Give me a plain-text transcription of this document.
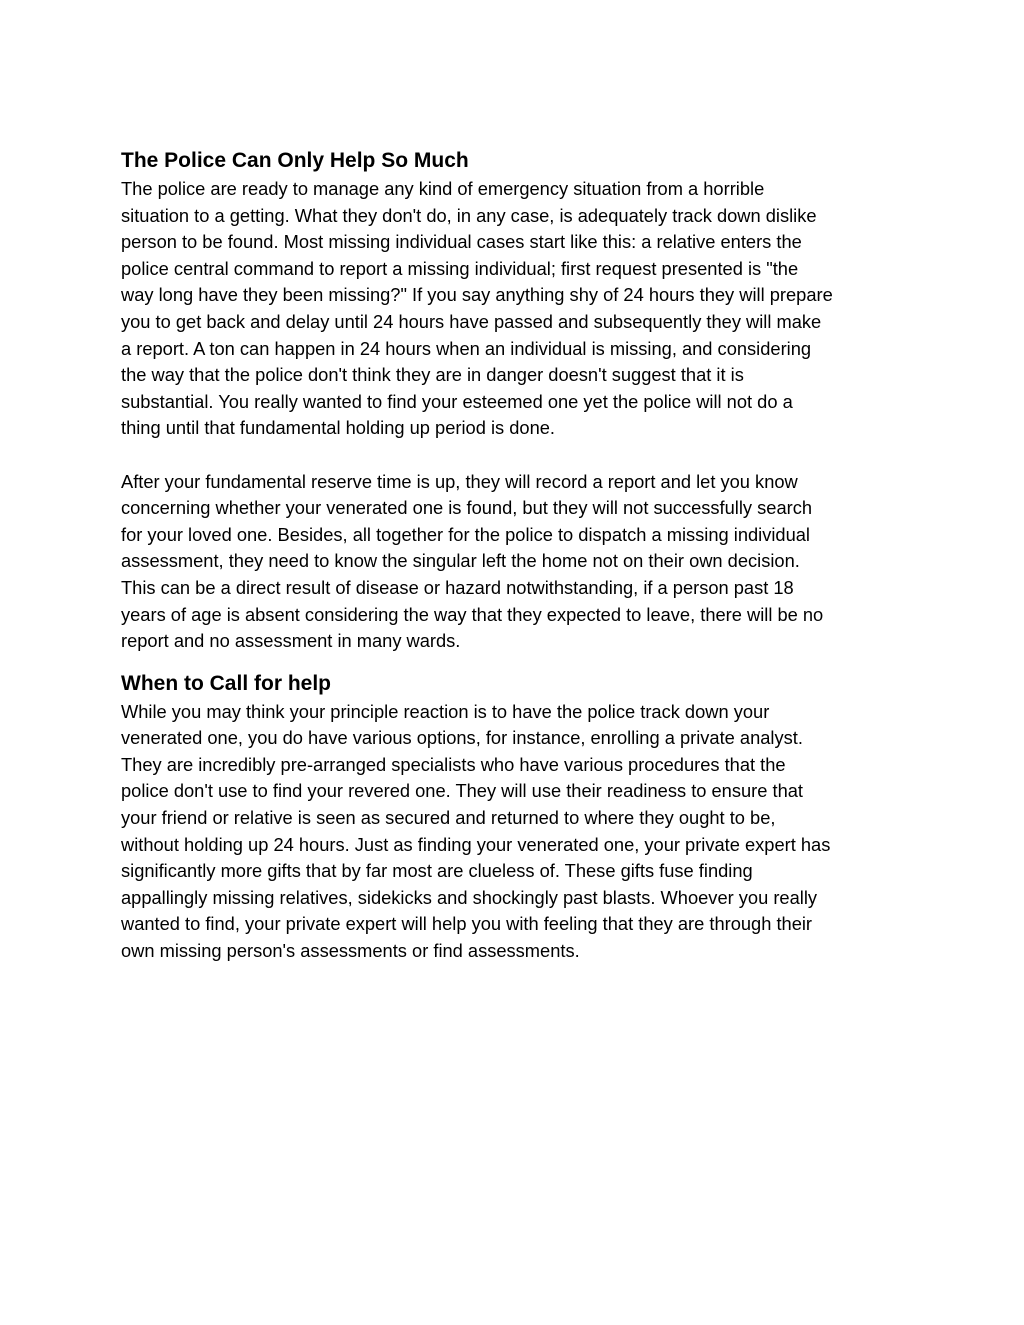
The Police Can Only Help So Much
The police are ready to manage any kind of emergency situation from a horrible
situation to a getting. What they don't do, in any case, is adequately track down dislike
person to be found. Most missing individual cases start like this: a relative enters the
police central command to report a missing individual; first request presented is "the
way long have they been missing?" If you say anything shy of 24 hours they will prepare
you to get back and delay until 24 hours have passed and subsequently they will make
a report. A ton can happen in 24 hours when an individual is missing, and considering
the way that the police don't think they are in danger doesn't suggest that it is
substantial. You really wanted to find your esteemed one yet the police will not do a
thing until that fundamental holding up period is done.
After your fundamental reserve time is up, they will record a report and let you know
concerning whether your venerated one is found, but they will not successfully search
for your loved one. Besides, all together for the police to dispatch a missing individual
assessment, they need to know the singular left the home not on their own decision.
This can be a direct result of disease or hazard notwithstanding, if a person past 18
years of age is absent considering the way that they expected to leave, there will be no
report and no assessment in many wards.
When to Call for help
While you may think your principle reaction is to have the police track down your
venerated one, you do have various options, for instance, enrolling a private analyst.
They are incredibly pre-arranged specialists who have various procedures that the
police don't use to find your revered one. They will use their readiness to ensure that
your friend or relative is seen as secured and returned to where they ought to be,
without holding up 24 hours. Just as finding your venerated one, your private expert has
significantly more gifts that by far most are clueless of. These gifts fuse finding
appallingly missing relatives, sidekicks and shockingly past blasts. Whoever you really
wanted to find, your private expert will help you with feeling that they are through their
own missing person's assessments or find assessments.
